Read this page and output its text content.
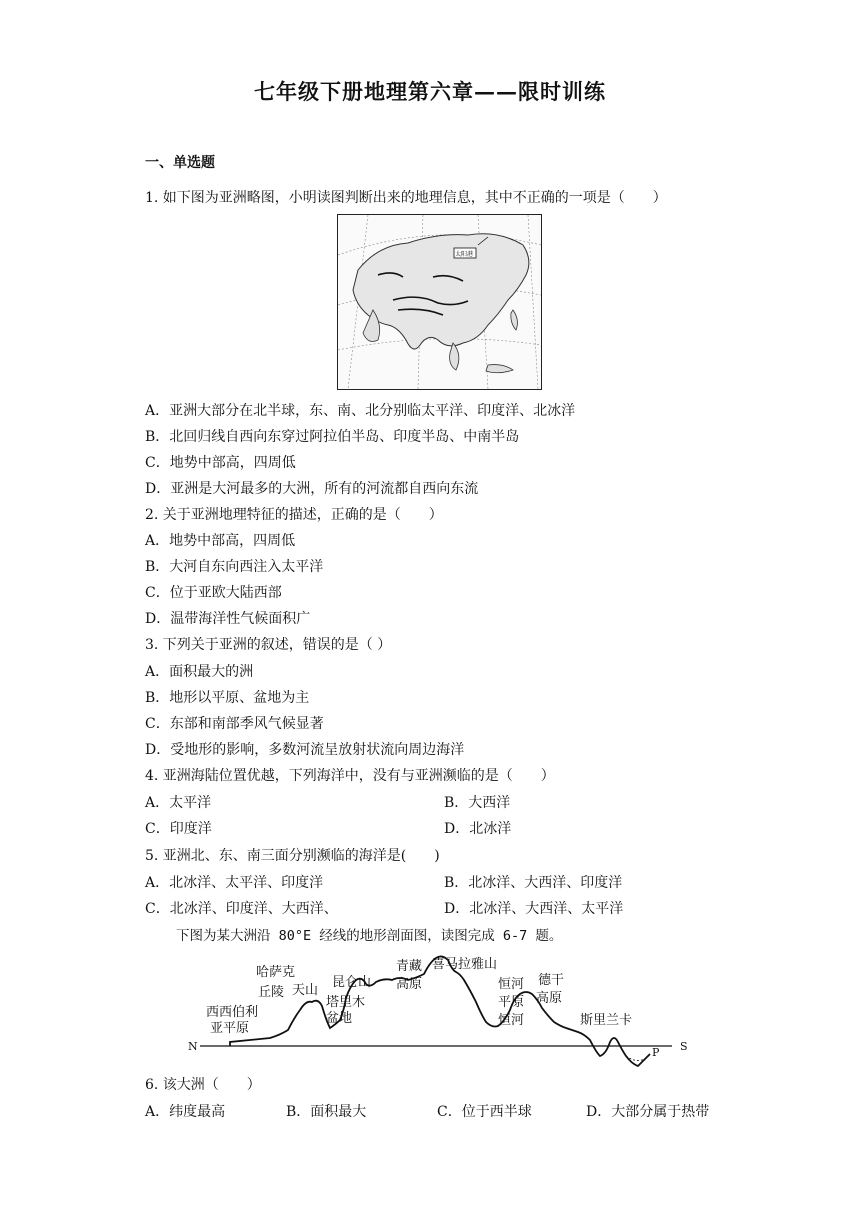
七年级下册地理第六章——限时训练
一、单选题
1. 如下图为亚洲略图，小明读图判断出来的地理信息，其中不正确的一项是（　　）
太阳港
A．亚洲大部分在北半球，东、南、北分别临太平洋、印度洋、北冰洋
B．北回归线自西向东穿过阿拉伯半岛、印度半岛、中南半岛
C．地势中部高，四周低
D．亚洲是大河最多的大洲，所有的河流都自西向东流
2. 关于亚洲地理特征的描述，正确的是（　　）
A．地势中部高，四周低
B．大河自东向西注入太平洋
C．位于亚欧大陆西部
D．温带海洋性气候面积广
3. 下列关于亚洲的叙述，错误的是（ ）
A．面积最大的洲
B．地形以平原、盆地为主
C．东部和南部季风气候显著
D．受地形的影响，多数河流呈放射状流向周边海洋
4. 亚洲海陆位置优越，下列海洋中，没有与亚洲濒临的是（　　）
A．太平洋	B．大西洋
C．印度洋	D．北冰洋
5. 亚洲北、东、南三面分别濒临的海洋是(　　)
A．北冰洋、太平洋、印度洋	B．北冰洋、大西洋、印度洋
C．北冰洋、印度洋、大西洋、	D．北冰洋、大西洋、太平洋
下图为某大洲沿 80°E 经线的地形剖面图，读图完成 6-7 题。
西西伯利
亚平原
哈萨克
丘陵 天山
塔里木
盆地
昆仑山
青藏
高原
喜马拉雅山
恒河
平原
恒河
德干
高原
斯里兰卡
N	S
P
6. 该大洲（　　）
A．纬度最高	B．面积最大	C．位于西半球	D．大部分属于热带
